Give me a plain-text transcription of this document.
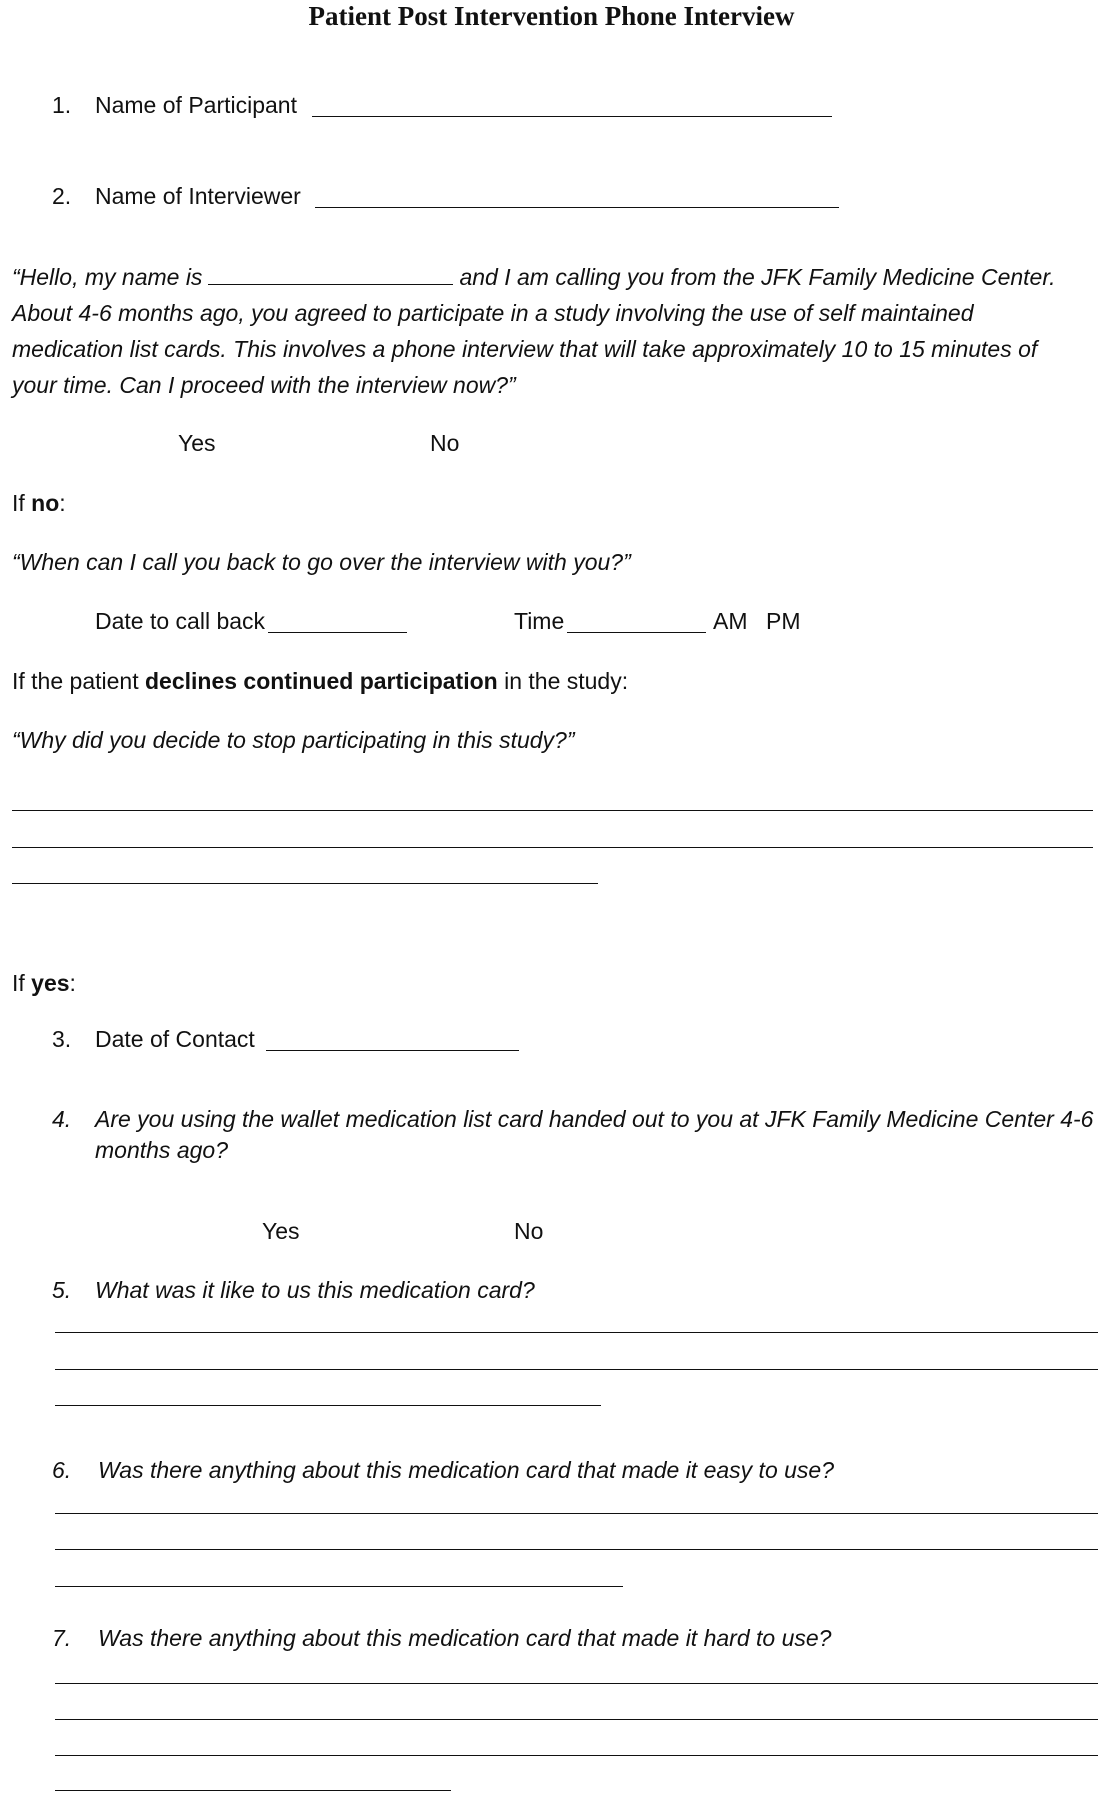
Patient Post Intervention Phone Interview
1. Name of Participant
2. Name of Interviewer
“Hello, my name is	and I am calling you from the JFK Family Medicine Center. About 4-6 months ago, you agreed to participate in a study involving the use of self maintained medication list cards. This involves a phone interview that will take approximately 10 to 15 minutes of your time. Can I proceed with the interview now?”
Yes	No
If no:
“When can I call you back to go over the interview with you?”
Date to call back	Time	AM PM
If the patient declines continued participation in the study:
“Why did you decide to stop participating in this study?”
If yes:
3. Date of Contact
4. Are you using the wallet medication list card handed out to you at JFK Family Medicine Center 4-6 months ago?
Yes	No
5. What was it like to us this medication card?
6. Was there anything about this medication card that made it easy to use?
7. Was there anything about this medication card that made it hard to use?
